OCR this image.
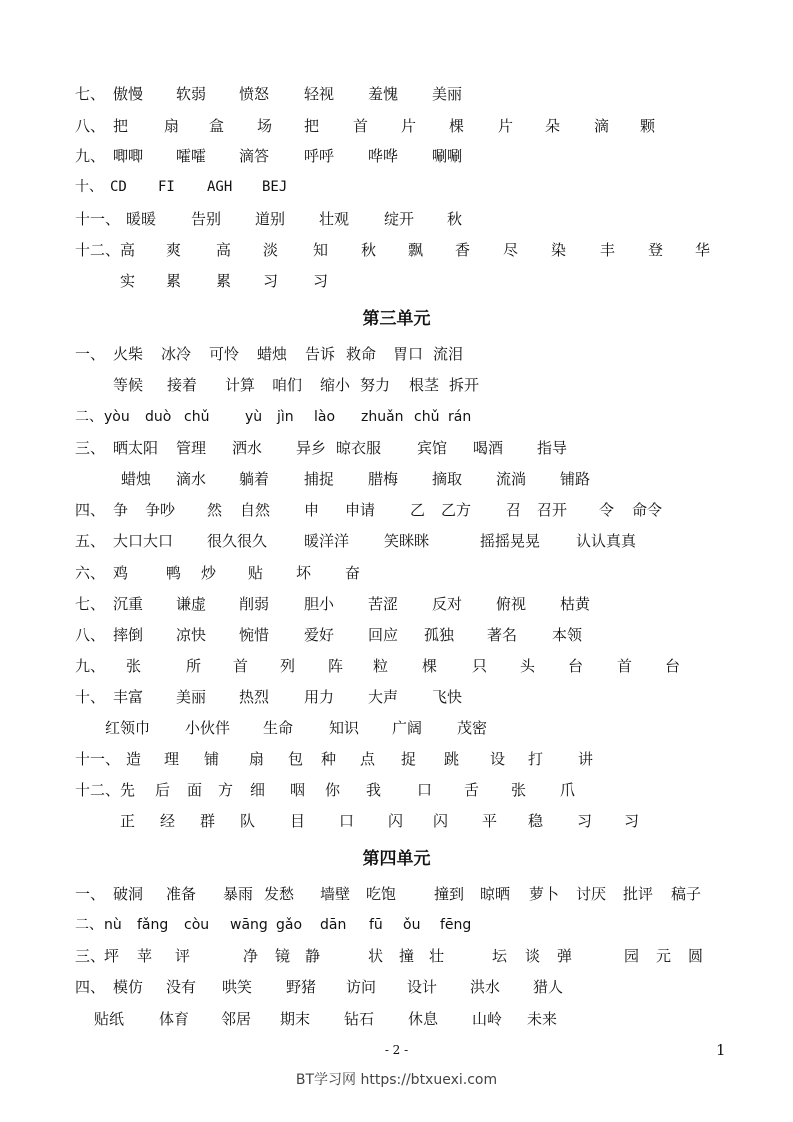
七、 傲慢 软弱 愤怒 轻视 羞愧 美丽
八、 把 扇 盒 场 把 首 片 棵 片 朵 滴 颗
九、 唧唧 嚯嚯 滴答 呼呼 哗哗 唰唰
十、 CD FI AGH BEJ
十一、 暖暖 告别 道别 壮观 绽开 秋
十二、 高 爽 高 淡 知 秋 飘 香 尽 染 丰 登 华
实 累 累 习 习
第三单元
一、 火柴 冰冷 可怜 蜡烛 告诉 救命 胃口 流泪
等候 接着 计算 咱们 缩小 努力 根茎 拆开
二、 yòu duò chǔ	yù jìn lào zhuǎn chǔ rán
三、 晒太阳 管理 洒水 异乡 晾衣服 宾馆 喝酒 指导
蜡烛 滴水 躺着 捕捉 腊梅 摘取 流淌 铺路
四、 争 争吵 然 自然 申 申请 乙 乙方 召 召开 令 命令
五、 大口大口 很久很久 暖洋洋 笑眯眯	摇摇晃晃 认认真真
六、 鸡	鸭 炒 贴 坏 奋
七、 沉重 谦虚 削弱 胆小 苦涩 反对 俯视 枯黄
八、 摔倒 凉快 惋惜 爱好 回应 孤独 著名 本领
九、 张	所 首 列 阵 粒 棵 只 头 台 首 台
十、 丰富 美丽 热烈 用力 大声 飞快
红领巾 小伙伴 生命 知识 广阔 茂密
十一、 造 理 铺 扇 包 种 点 捉 跳 设 打 讲
十二、 先 后 面 方 细 咽 你 我 口 舌 张 爪
正 经 群 队 目 口 闪 闪 平 稳 习 习
第四单元
一、 破洞 准备 暴雨 发愁 墙壁 吃饱	撞到 晾晒 萝卜 讨厌 批评 稿子
二、 nù fǎng còu wāng gǎo dān fū ǒu fēng
三、
坪 苹 评	净 镜 静	状 撞 壮	坛 谈 弹	园 元 圆
四、 模仿 没有 哄笑 野猪 访问 设计 洪水 猎人
贴纸 体育 邻居 期末 钻石 休息 山岭 未来
- 2 -	1
BT学习网 https://btxuexi.com
